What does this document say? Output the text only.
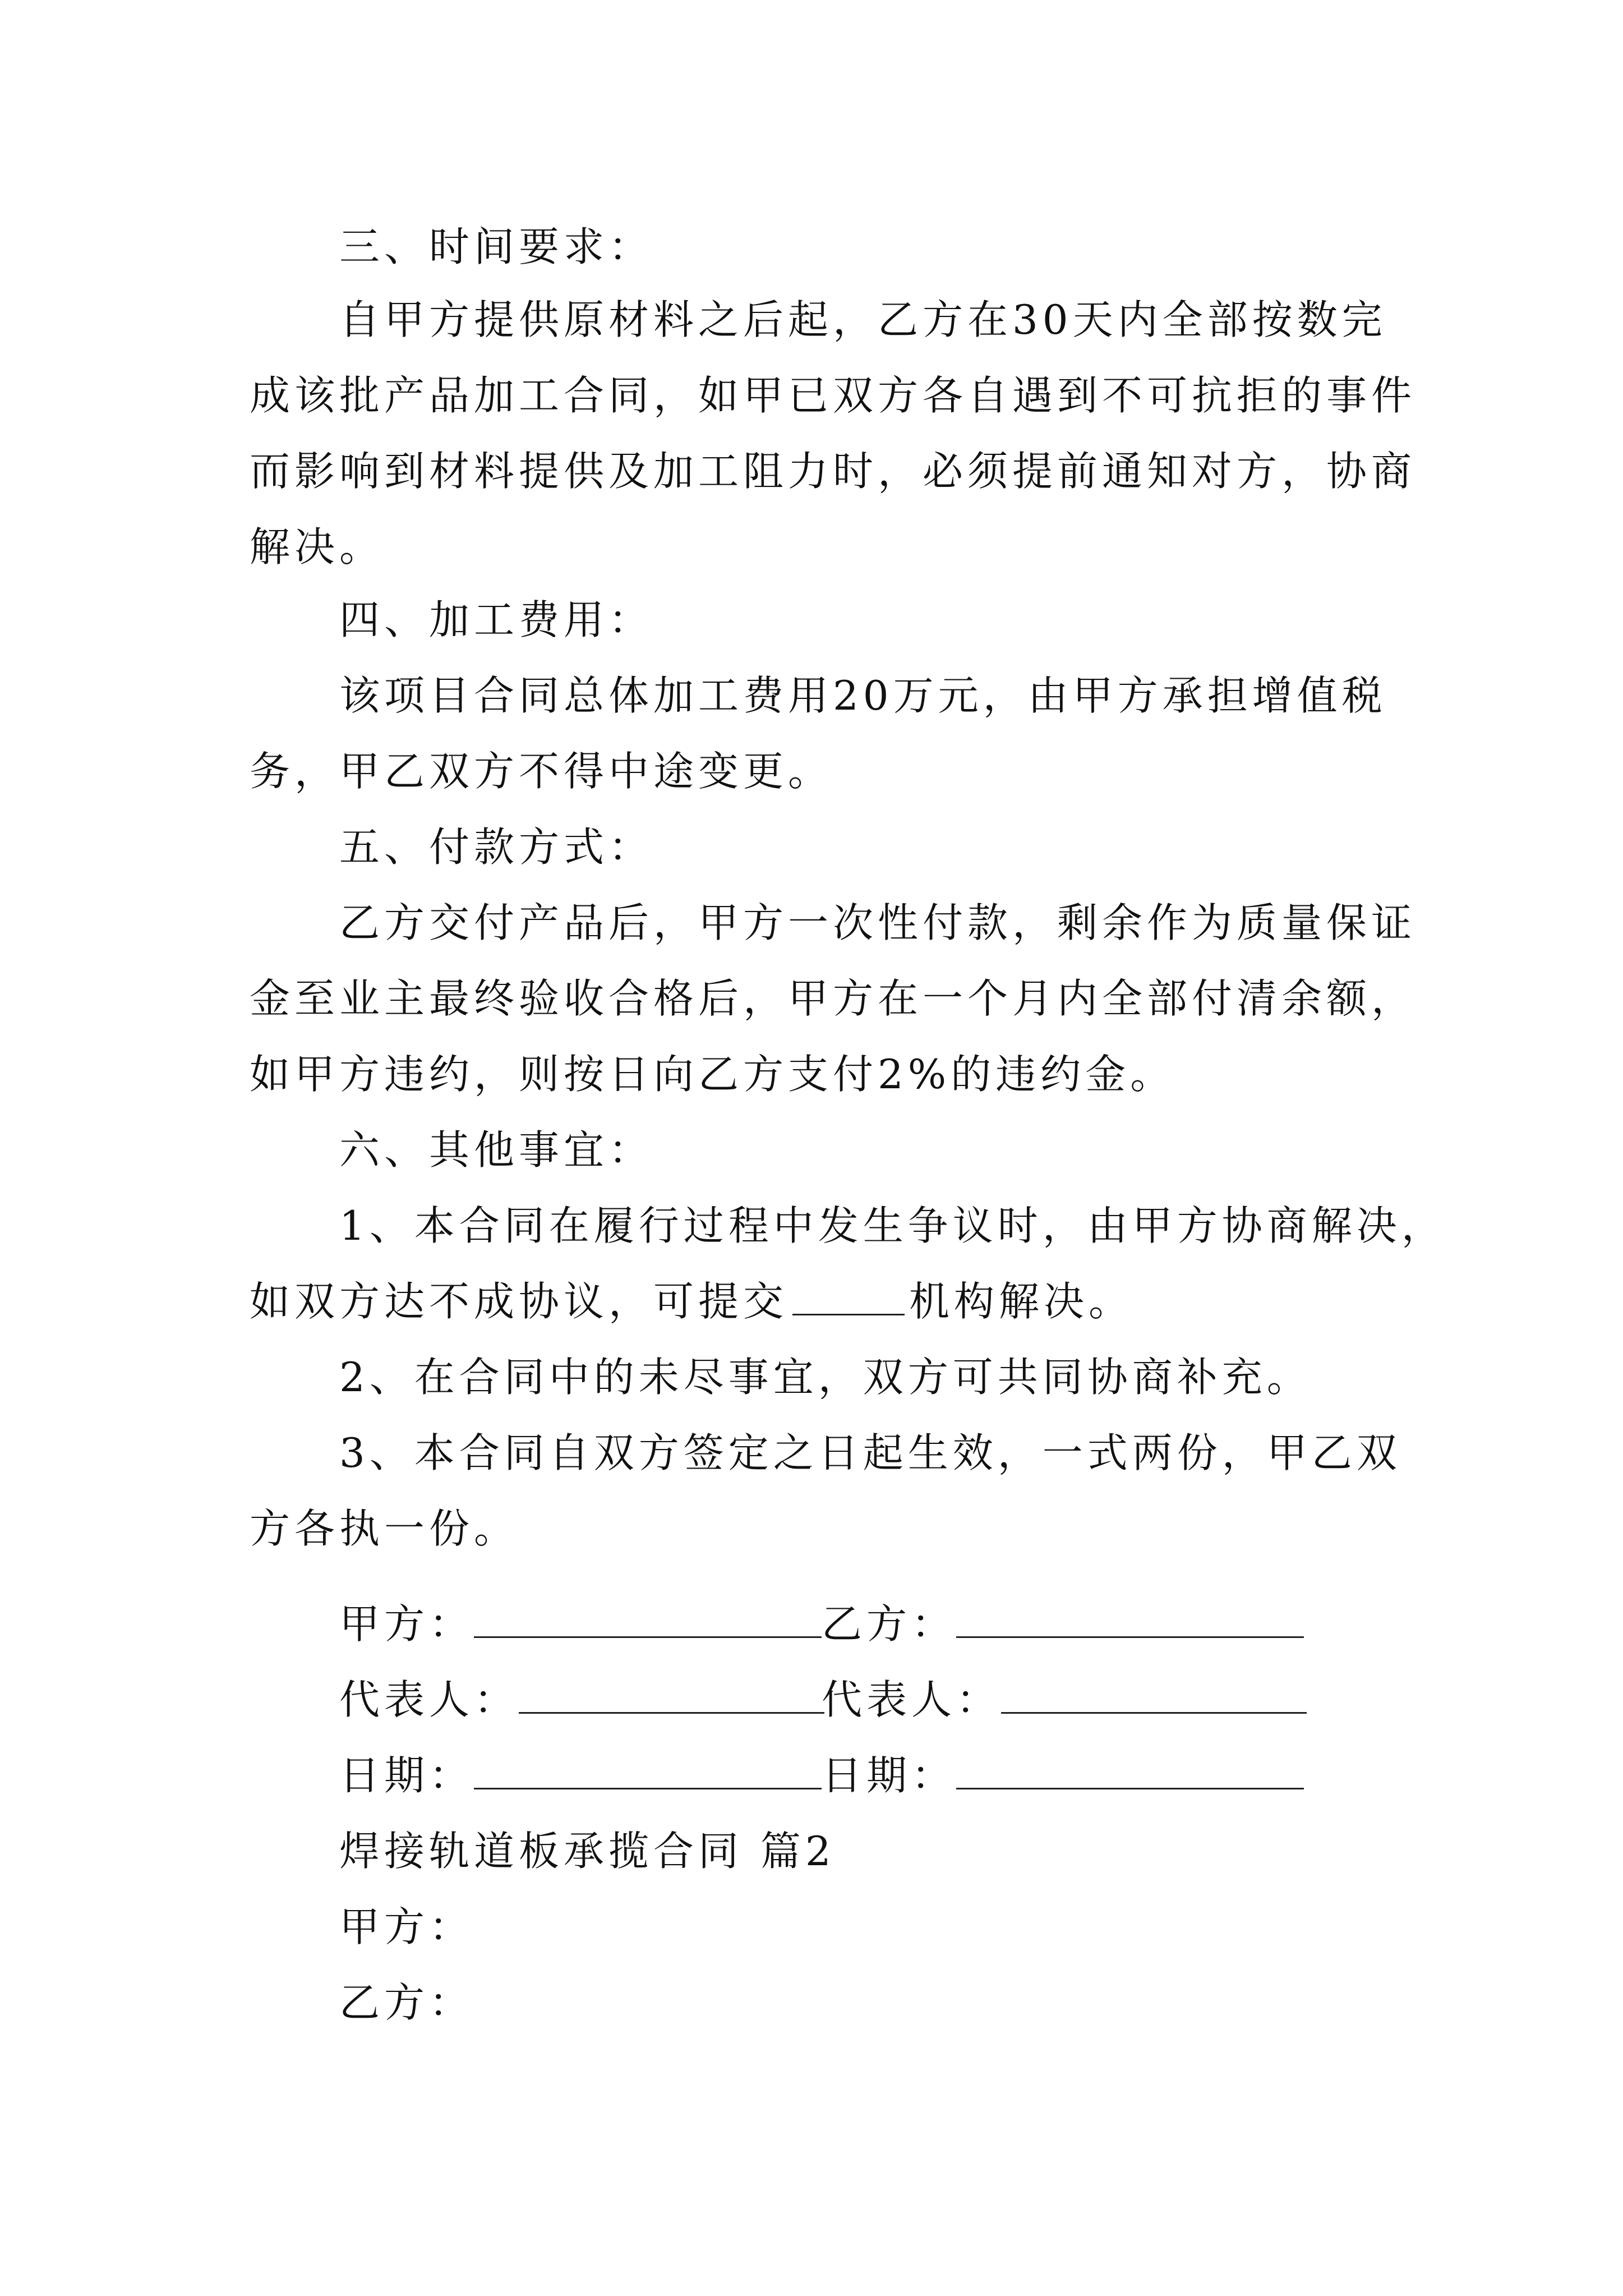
三、时间要求：
自甲方提供原材料之后起，乙方在30天内全部按数完
成该批产品加工合同，如甲已双方各自遇到不可抗拒的事件
而影响到材料提供及加工阻力时，必须提前通知对方，协商
解决。
四、加工费用：
该项目合同总体加工费用20万元，由甲方承担增值税
务，甲乙双方不得中途变更。
五、付款方式：
乙方交付产品后，甲方一次性付款，剩余作为质量保证
金至业主最终验收合格后，甲方在一个月内全部付清余额，
如甲方违约，则按日向乙方支付2%的违约金。
六、其他事宜：
1、本合同在履行过程中发生争议时，由甲方协商解决，
如双方达不成协议，可提交	机构解决。
2、在合同中的未尽事宜，双方可共同协商补充。
3、本合同自双方签定之日起生效，一式两份，甲乙双
方各执一份。
甲方：	乙方：
代表人：	代表人：
日期：	日期：
焊接轨道板承揽合同 篇2
甲方：
乙方：
